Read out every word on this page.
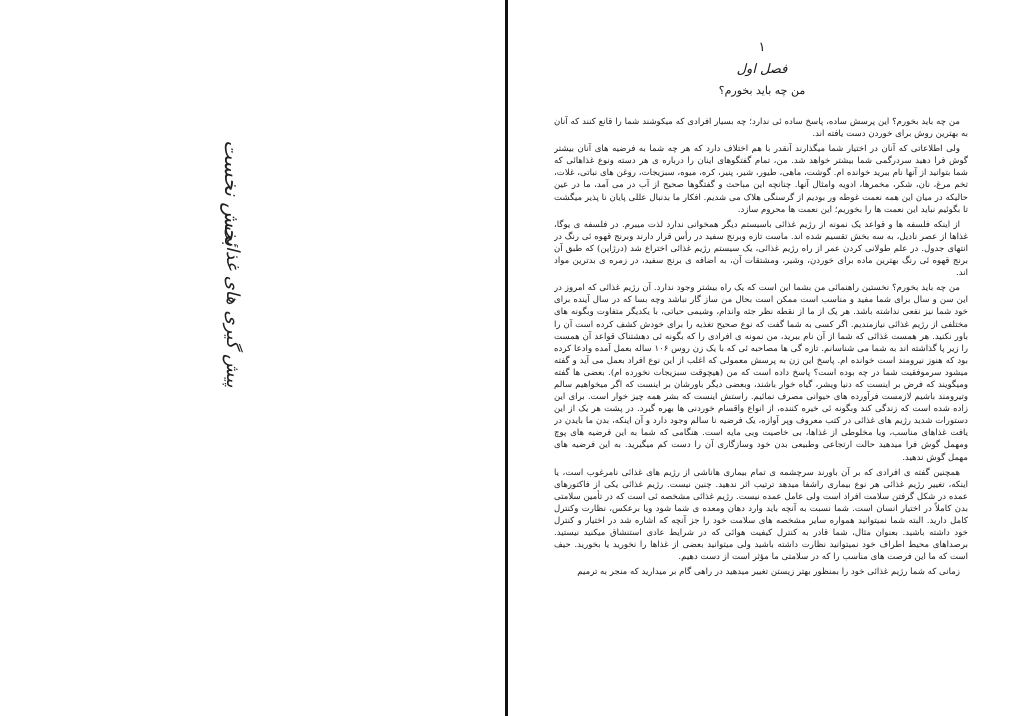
بخش نخست
پیش گیری های غذائی
۱
فصل اول
من چه باید بخورم؟

من چه باید بخورم؟ این پرسش ساده، پاسخ ساده ئی ندارد؛ چه بسیار افرادی که میکوشند شما را قانع کنند که آنان به بهترین روش برای خوردن دست یافته اند.

ولی اطلاعاتی که آنان در اختیار شما میگذارند آنقدر با هم اختلاف دارد که هر چه شما به فرضیه های آنان بیشتر گوش فرا دهید سردرگمی شما بیشتر خواهد شد. من، تمام گفتگوهای اینان را درباره ی هر دسته ونوع غذاهائی که شما بتوانید از آنها نام ببرید خوانده ام. گوشت، ماهی، طیور، شیر، پنیر، کره، میوه، سبزیجات، روغن های نباتی، غلات، تخم مرغ، نان، شکر، مخمرها، ادویه وامثال آنها. چنانچه این مباحث و گفتگوها صحیح از آب در می آمد، ما در عین حالیکه در میان این همه نعمت غوطه ور بودیم از گرسنگی هلاک می شدیم. افکار ما بدنبال عللی پایان نا پذیر میگشت تا بگوئیم نباید این نعمت ها را بخوریم؛ این نعمت ها محروم سازد.

از اینکه فلسفه ها و قواعد یک نمونه از رژیم غذائی باسیستم دیگر همخوانی ندارد لذت میبرم. در فلسفه ی یوگا، غذاها از عصر نادیل، به سه بخش تقسیم شده اند. ماست تازه وبرنج سفید در رأس قرار دارند وبرنج قهوه ئی رنگ در انتهای جدول. در علم طولانی کردن عمر از راه رژیم غذائی، یک سیستم رژیم غذائی اختراع شد (درژاپن) که طبق آن برنج قهوه ئی رنگ بهترین ماده برای خوردن، وشیر، ومشتقات آن، به اضافه ی برنج سفید، در زمره ی بدترین مواد اند.

من چه باید بخورم؟ نخستین راهنمائی من بشما این است که یک راه بیشتر وجود ندارد. آن رژیم غذائی که امروز در این سن و سال برای شما مفید و مناسب است ممکن است بحال من ساز گار نباشد وچه بسا که در سال آینده برای خود شما نیز نفعی نداشته باشد. هر یک از ما از نقطه نظر جثه واندام، وشیمی حیاتی، با یکدیگر متفاوت وبگونه های مختلفی از رژیم غذائی نیازمندیم. اگر کسی به شما گفت که نوع صحیح تغذیه را برای خودش کشف کرده است آن را باور نکنید. هر همست غذائی که شما از آن نام ببرید، من نمونه ی افرادی را که بگونه ئی دهشتناک قواعد آن همست را زیر پا گذاشته اند به شما می شناسانم. تازه گی ها مصاحبه ئی که با یک زن روس ۱۰۶ ساله بعمل آمده وادعا کرده بود که هنوز نیرومند است خوانده ام. پاسخ این زن به پرسش معمولی که اغلب از این نوع افراد بعمل می آید و گفته میشود سرموفقیت شما در چه بوده است؟ پاسخ داده است که من (هیچوقت سبزیجات نخورده ام). بعضی ها گفته ومیگویند که فرض بر اینست که دنیا ویشر، گیاه خوار باشند، وبعضی دیگر باورشان بر اینست که اگر میخواهیم سالم وتیرومند باشیم لازمست فرآورده های حیوانی مصرف نمائیم. راستش اینست که بشر همه چیز خوار است. برای این زاده شده است که زندگی کند وبگونه ئی خیره کننده، از انواع واقسام خوردنی ها بهره گیرد. در پشت هر یک از این دستورات شدید رژیم های غذائی در کتب معروف وپر آوازه، یک فرضیه نا سالم وجود دارد و آن اینکه، بدن ما بایدن در یافت غذاهای مناسب، ویا مخلوطی از غذاها، بی خاصیت وبی مایه است. هنگامی که شما به این فرضیه های پوچ ومهمل گوش فرا میدهید حالت ارتجاعی وطبیعی بدن خود وسازگاری آن را دست کم میگیرید. به این فرضیه های مهمل گوش ندهید.

همچنین گفته ی افرادی که بر آن باورند سرچشمه ی تمام بیماری هاناشی از رژیم های غذائی نامرغوب است، یا اینکه، تغییر رژیم غذائی هر نوع بیماری راشفا میدهد ترتیب اثر ندهید. چنین نیست. رژیم غذائی یکی از فاکتورهای عمده در شکل گرفتن سلامت افراد است ولی عامل عمده نیست. رژیم غذائی مشخصه ئی است که در تأمین سلامتی بدن کاملاً در اختیار انسان است. شما نسبت به آنچه باید وارد دهان ومعده ی شما شود ویا برعکس، نظارت وکنترل کامل دارید. البته شما نمیتوانید همواره سایر مشخصه های سلامت خود را جز آنچه که اشاره شد در اختیار و کنترل خود داشته باشید. بعنوان مثال، شما قادر به کنترل کیفیت هوائی که در شرایط عادی استنشاق میکنید نیستید. برصداهای محیط اطراف خود نمیتوانید نظارت داشته باشید ولی میتوانید بعضی از غذاها را نخورید یا بخورید. حیف است که ما این فرصت های مناسب را که در سلامتی ما مؤثر است از دست دهیم.

زمانی که شما رژیم غذائی خود را بمنظور بهتر زیستن تغییر میدهید در راهی گام بر میدارید که منجر به ترمیم
